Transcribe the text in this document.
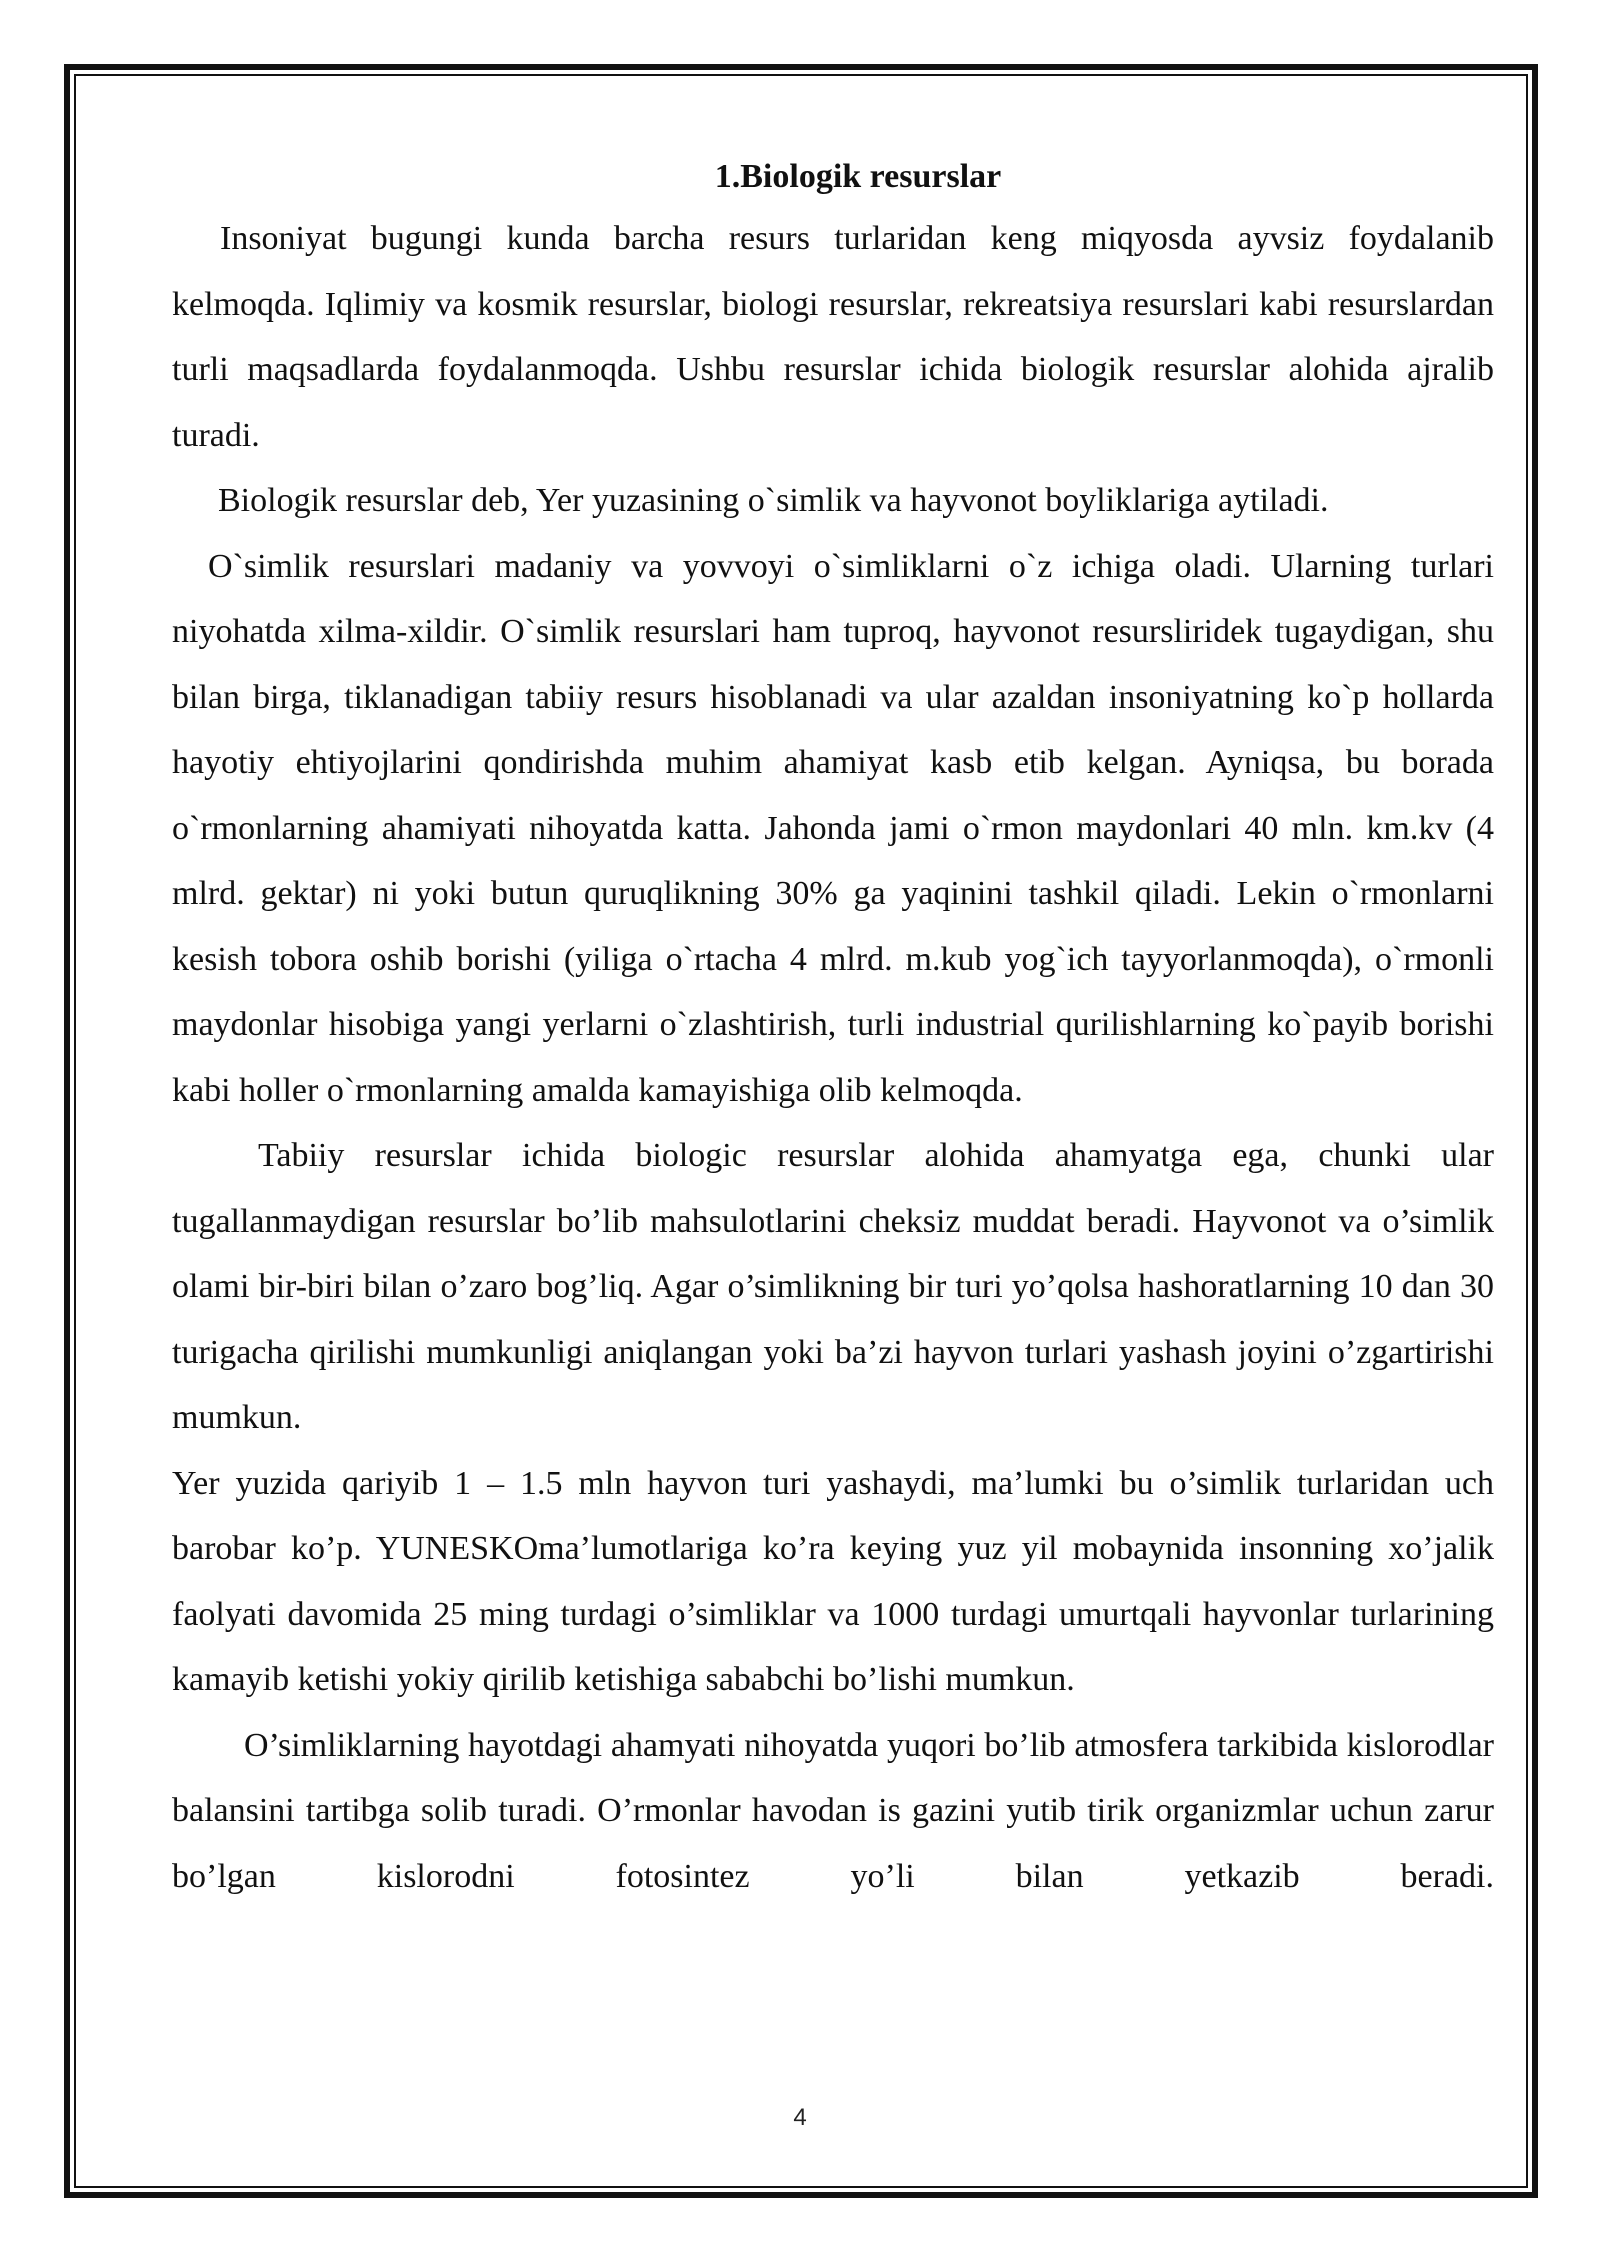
1.Biologik resurslar

Insoniyat bugungi kunda barcha resurs turlaridan keng miqyosda ayvsiz foydalanib kelmoqda. Iqlimiy va kosmik resurslar, biologi resurslar, rekreatsiya resurslari kabi resurslardan turli maqsadlarda foydalanmoqda. Ushbu resurslar ichida biologik resurslar alohida ajralib turadi.

Biologik resurslar deb, Yer yuzasining o`simlik va hayvonot boyliklariga aytiladi.

O`simlik resurslari madaniy va yovvoyi o`simliklarni o`z ichiga oladi. Ularning turlari niyohatda xilma-xildir. O`simlik resurslari ham tuproq, hayvonot resursliridek tugaydigan, shu bilan birga, tiklanadigan tabiiy resurs hisoblanadi va ular azaldan insoniyatning ko`p hollarda hayotiy ehtiyojlarini qondirishda muhim ahamiyat kasb etib kelgan. Ayniqsa, bu borada o`rmonlarning ahamiyati nihoyatda katta. Jahonda jami o`rmon maydonlari 40 mln. km.kv (4 mlrd. gektar) ni yoki butun quruqlikning 30% ga yaqinini tashkil qiladi. Lekin o`rmonlarni kesish tobora oshib borishi (yiliga o`rtacha 4 mlrd. m.kub yog`ich tayyorlanmoqda), o`rmonli maydonlar hisobiga yangi yerlarni o`zlashtirish, turli industrial qurilishlarning ko`payib borishi kabi holler o`rmonlarning amalda kamayishiga olib kelmoqda.

Tabiiy resurslar ichida biologic resurslar alohida ahamyatga ega, chunki ular tugallanmaydigan resurslar bo’lib mahsulotlarini cheksiz muddat beradi. Hayvonot va o’simlik olami bir-biri bilan o’zaro bog’liq. Agar o’simlikning bir turi yo’qolsa hashoratlarning 10 dan 30 turigacha qirilishi mumkunligi aniqlangan yoki ba’zi hayvon turlari yashash joyini o’zgartirishi mumkun.

Yer yuzida qariyib 1 – 1.5 mln hayvon turi yashaydi, ma’lumki bu o’simlik turlaridan uch barobar ko’p. YUNESKOma’lumotlariga ko’ra keying yuz yil mobaynida insonning xo’jalik faolyati davomida 25 ming turdagi o’simliklar va 1000 turdagi umurtqali hayvonlar turlarining kamayib ketishi yokiy qirilib ketishiga sababchi bo’lishi mumkun.

O’simliklarning hayotdagi ahamyati nihoyatda yuqori bo’lib atmosfera tarkibida kislorodlar balansini tartibga solib turadi. O’rmonlar havodan is gazini yutib tirik organizmlar uchun zarur bo’lgan kislorodni fotosintez yo’li bilan yetkazib beradi.

4
